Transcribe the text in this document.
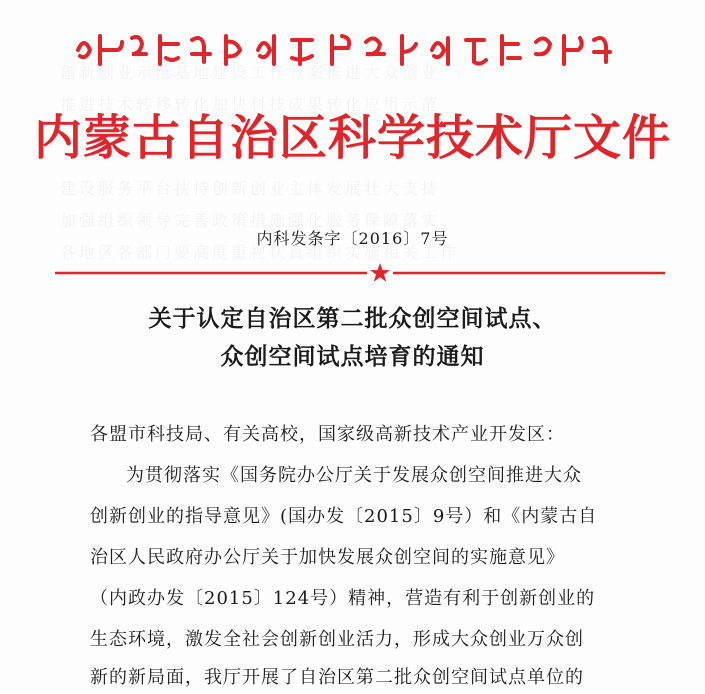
創新创业示范基地建设工作方案推进大众创业
推进技术转移转化加快科技成果转化应用示范
建设服务平台扶持创新创业主体发展壮大支持
加强组织领导完善政策措施强化服务保障落实
各地区各部门要高度重视认真组织实施相关工作
ᠥᠪᠦᠷ ᠮᠣᠩᠭᠣᠯ ᠤᠨ ᠡᠪᠡᠷᠲᠡᠭᠡᠨ ᠵᠠᠰᠠᠬᠤ ᠣᠷᠣᠨ ᠤ ᠰᠢᠨᠵᠢᠯᠡᠬᠦ ᠤᠬᠠᠭᠠᠨ ᠲᠧᠭᠨᠢᠭ ᠤᠨ ᠲᠢᠩᠬᠢᠮ
内蒙古自治区科学技术厅文件
内科发条字〔2016〕7号
关于认定自治区第二批众创空间试点、
众创空间试点培育的通知
各盟市科技局、有关高校，国家级高新技术产业开发区：
为贯彻落实《国务院办公厅关于发展众创空间推进大众
创新创业的指导意见》(国办发〔2015〕9号）和《内蒙古自
治区人民政府办公厅关于加快发展众创空间的实施意见》
（内政办发〔2015〕124号）精神，营造有利于创新创业的
生态环境，激发全社会创新创业活力，形成大众创业万众创
新的新局面，我厅开展了自治区第二批众创空间试点单位的
